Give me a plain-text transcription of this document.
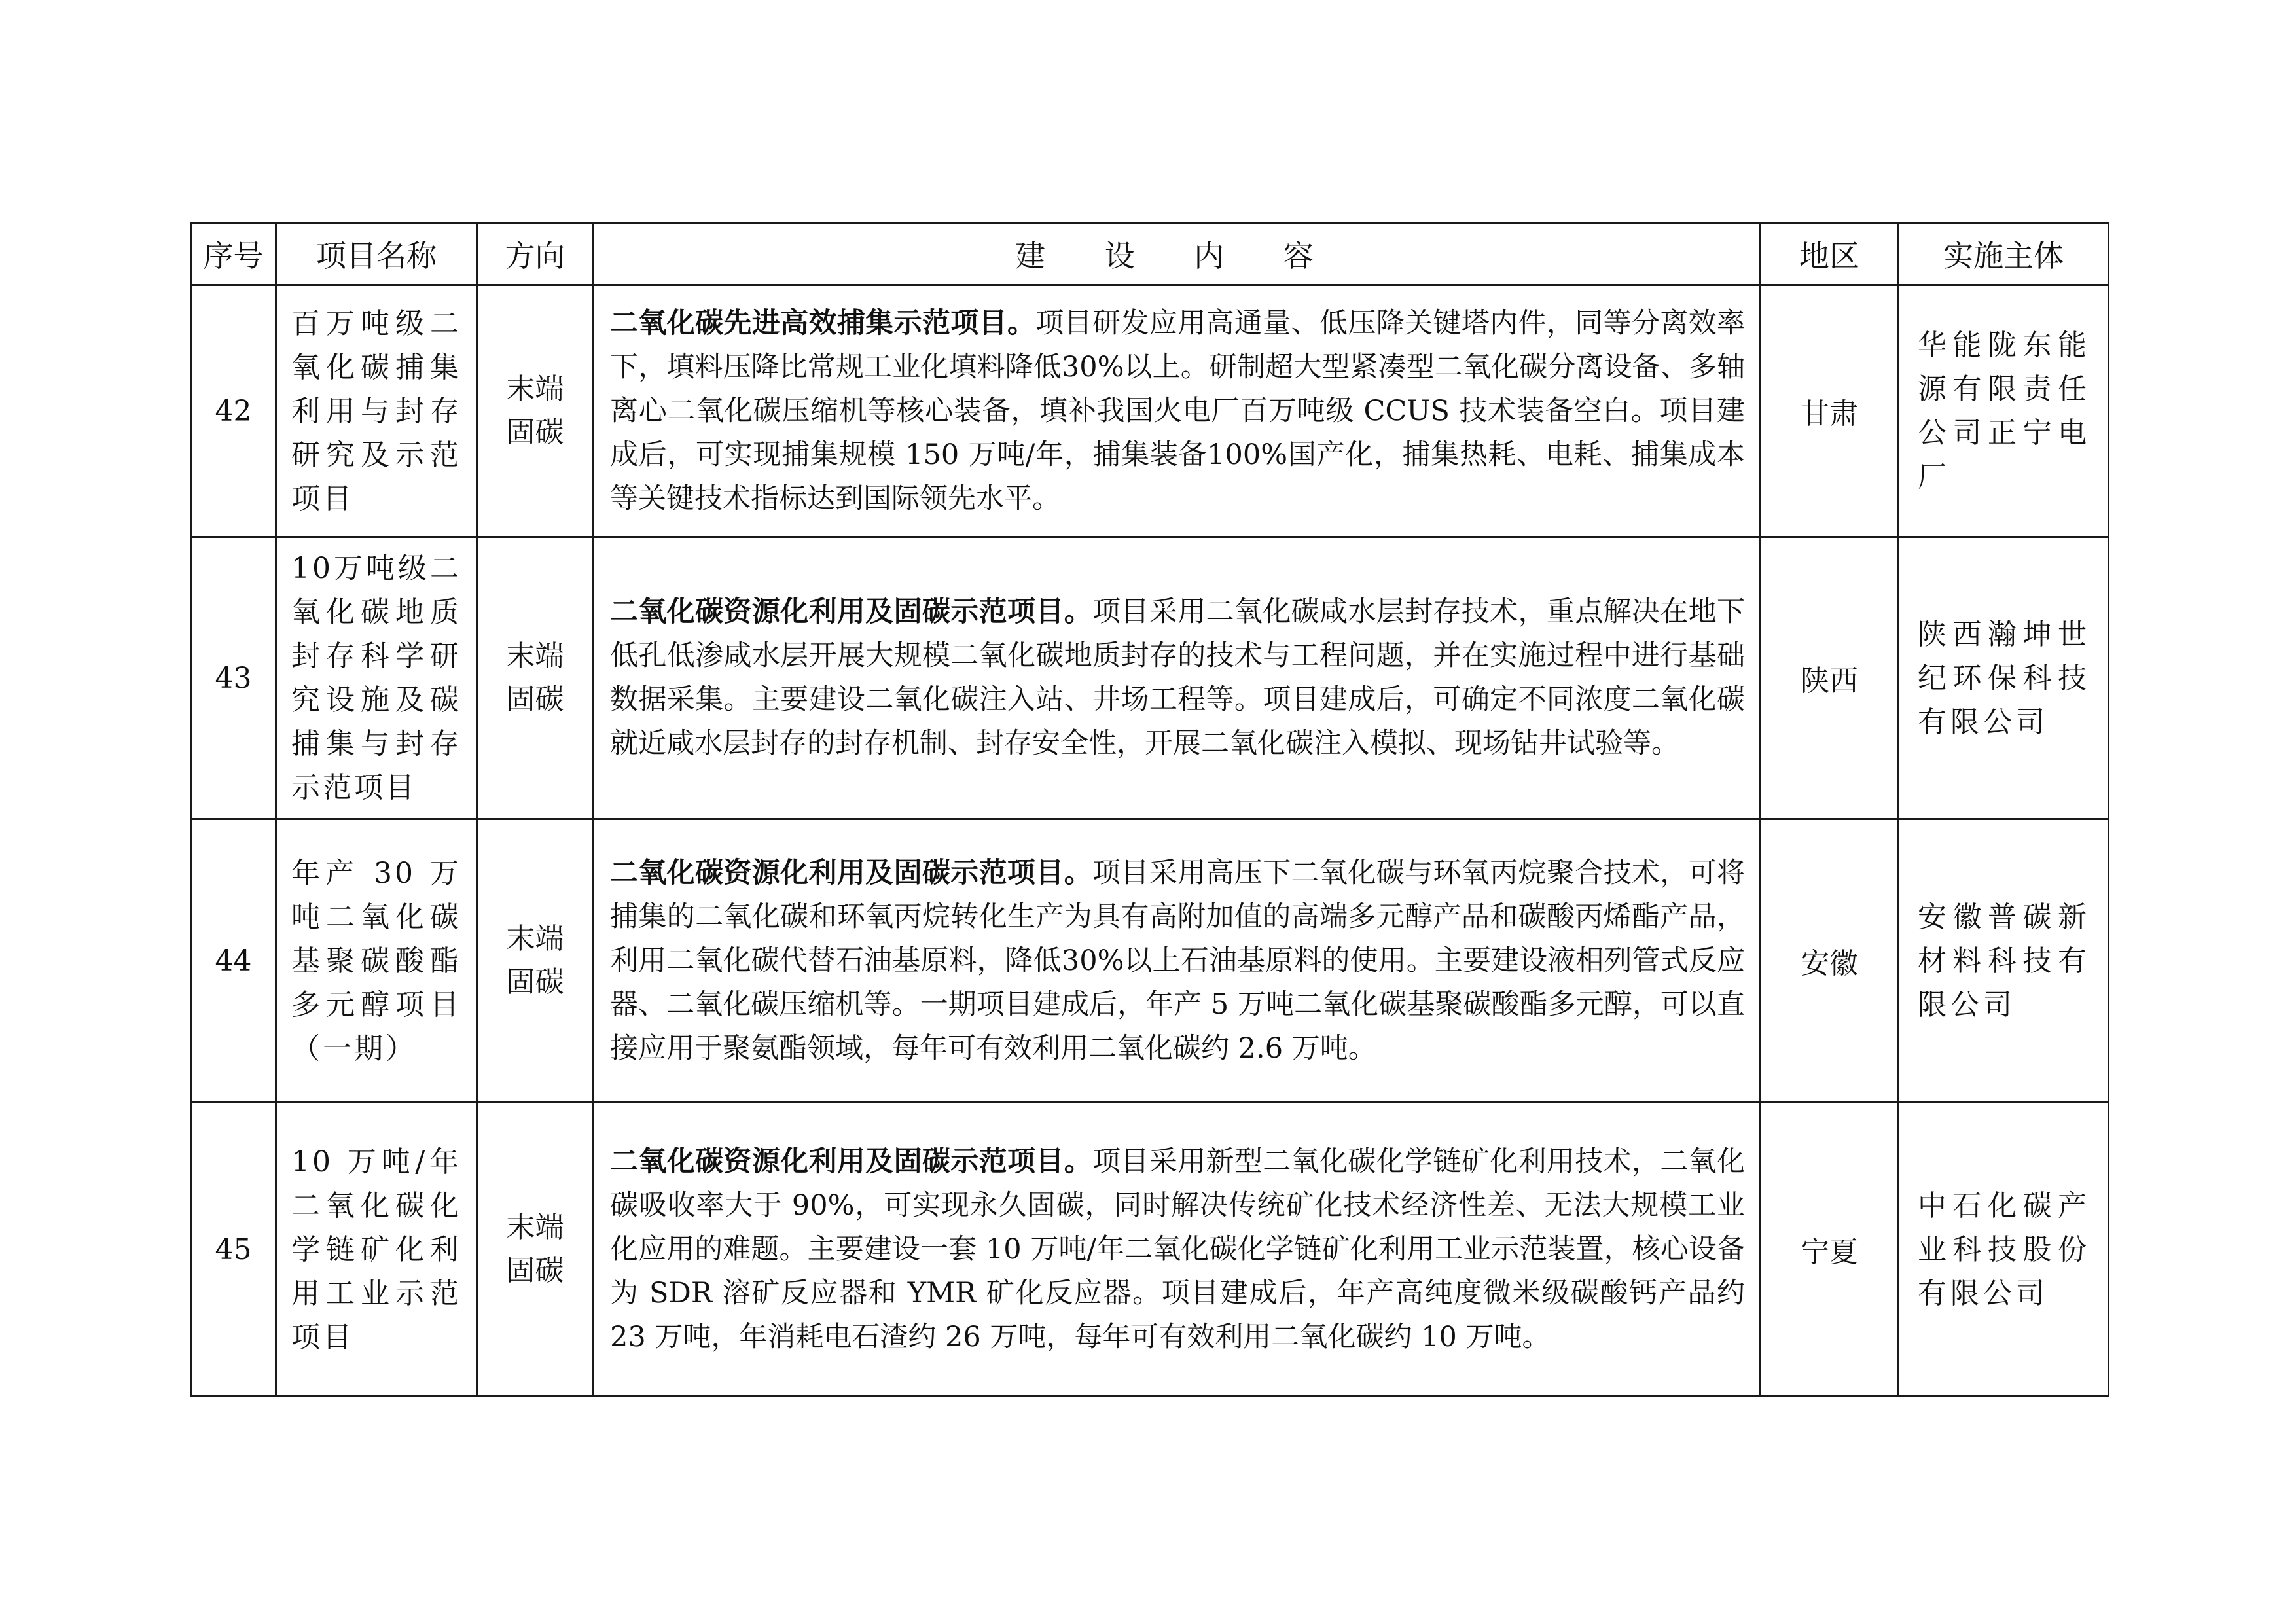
序号	项目名称	方向	建 设 内 容	地区	实施主体
42	百万吨级二氧化碳捕集利用与封存研究及示范项目	末端固碳	二氧化碳先进高效捕集示范项目。项目研发应用高通量、低压降关键塔内件，同等分离效率下，填料压降比常规工业化填料降低30%以上。研制超大型紧凑型二氧化碳分离设备、多轴离心二氧化碳压缩机等核心装备，填补我国火电厂百万吨级 CCUS 技术装备空白。项目建成后，可实现捕集规模 150 万吨/年，捕集装备100%国产化，捕集热耗、电耗、捕集成本等关键技术指标达到国际领先水平。	甘肃	华能陇东能源有限责任公司正宁电厂
43	10万吨级二氧化碳地质封存科学研究设施及碳捕集与封存示范项目	末端固碳	二氧化碳资源化利用及固碳示范项目。项目采用二氧化碳咸水层封存技术，重点解决在地下低孔低渗咸水层开展大规模二氧化碳地质封存的技术与工程问题，并在实施过程中进行基础数据采集。主要建设二氧化碳注入站、井场工程等。项目建成后，可确定不同浓度二氧化碳就近咸水层封存的封存机制、封存安全性，开展二氧化碳注入模拟、现场钻井试验等。	陕西	陕西瀚坤世纪环保科技有限公司
44	年产 30 万吨二氧化碳基聚碳酸酯多元醇项目（一期）	末端固碳	二氧化碳资源化利用及固碳示范项目。项目采用高压下二氧化碳与环氧丙烷聚合技术，可将捕集的二氧化碳和环氧丙烷转化生产为具有高附加值的高端多元醇产品和碳酸丙烯酯产品，利用二氧化碳代替石油基原料，降低30%以上石油基原料的使用。主要建设液相列管式反应器、二氧化碳压缩机等。一期项目建成后，年产 5 万吨二氧化碳基聚碳酸酯多元醇，可以直接应用于聚氨酯领域，每年可有效利用二氧化碳约 2.6 万吨。	安徽	安徽普碳新材料科技有限公司
45	10 万吨/年二氧化碳化学链矿化利用工业示范项目	末端固碳	二氧化碳资源化利用及固碳示范项目。项目采用新型二氧化碳化学链矿化利用技术，二氧化碳吸收率大于 90%，可实现永久固碳，同时解决传统矿化技术经济性差、无法大规模工业化应用的难题。主要建设一套 10 万吨/年二氧化碳化学链矿化利用工业示范装置，核心设备为 SDR 溶矿反应器和 YMR 矿化反应器。项目建成后，年产高纯度微米级碳酸钙产品约 23 万吨，年消耗电石渣约 26 万吨，每年可有效利用二氧化碳约 10 万吨。	宁夏	中石化碳产业科技股份有限公司
